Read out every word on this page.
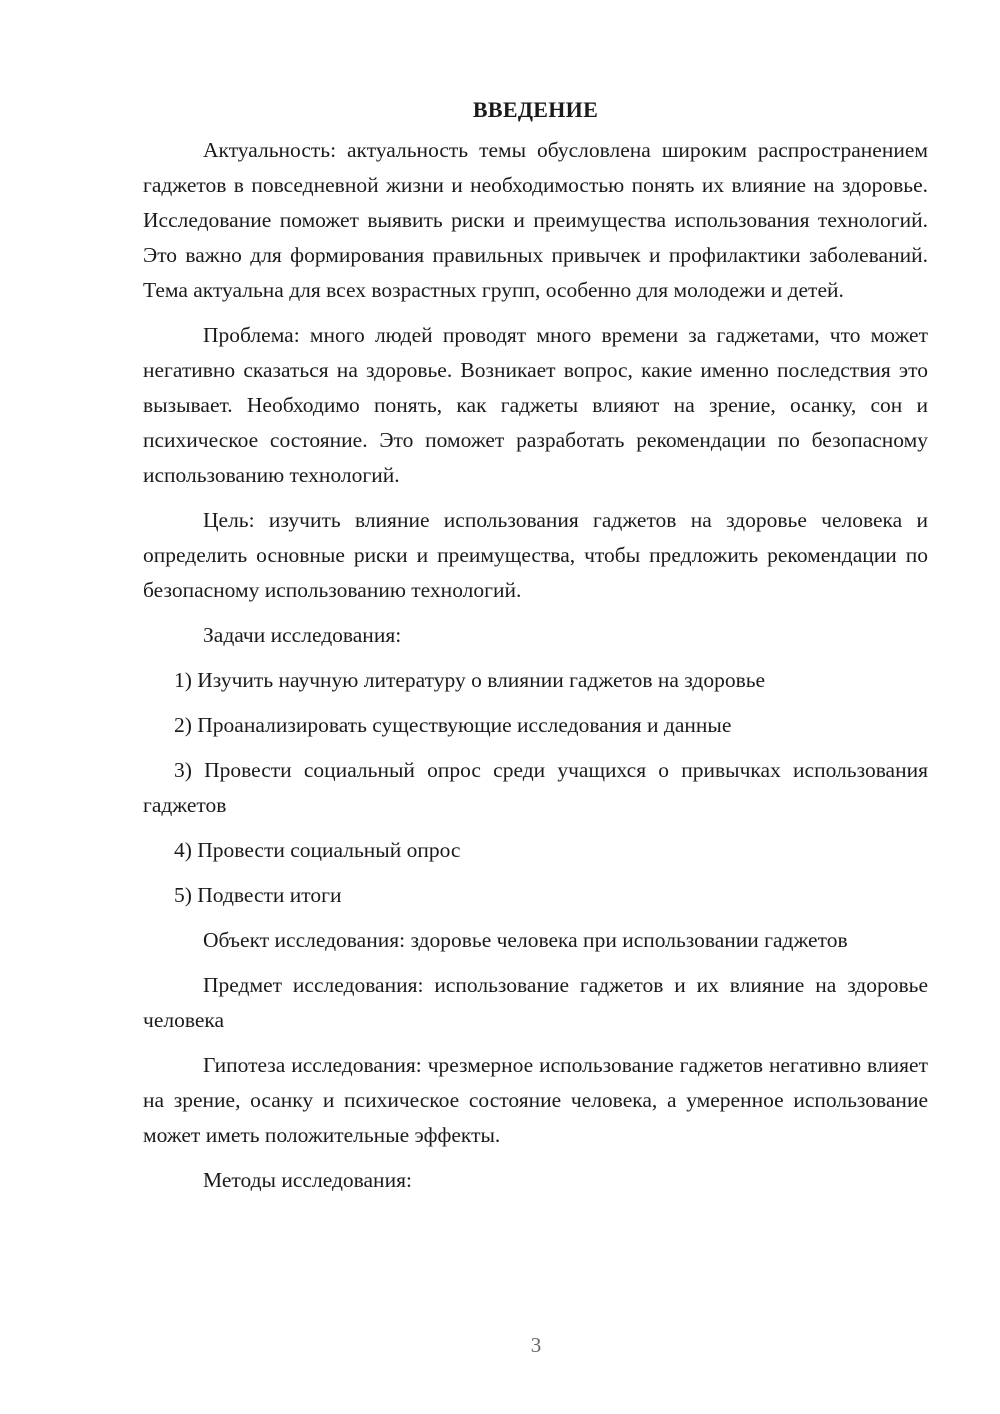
ВВЕДЕНИЕ

Актуальность: актуальность темы обусловлена широким распространением гаджетов в повседневной жизни и необходимостью понять их влияние на здоровье. Исследование поможет выявить риски и преимущества использования технологий. Это важно для формирования правильных привычек и профилактики заболеваний. Тема актуальна для всех возрастных групп, особенно для молодежи и детей.

Проблема: много людей проводят много времени за гаджетами, что может негативно сказаться на здоровье. Возникает вопрос, какие именно последствия это вызывает. Необходимо понять, как гаджеты влияют на зрение, осанку, сон и психическое состояние. Это поможет разработать рекомендации по безопасному использованию технологий.

Цель: изучить влияние использования гаджетов на здоровье человека и определить основные риски и преимущества, чтобы предложить рекомендации по безопасному использованию технологий.

Задачи исследования:

1) Изучить научную литературу о влиянии гаджетов на здоровье

2) Проанализировать существующие исследования и данные

3) Провести социальный опрос среди учащихся о привычках использования гаджетов

4) Провести социальный опрос

5) Подвести итоги

Объект исследования: здоровье человека при использовании гаджетов

Предмет исследования: использование гаджетов и их влияние на здоровье человека

Гипотеза исследования: чрезмерное использование гаджетов негативно влияет на зрение, осанку и психическое состояние человека, а умеренное использование может иметь положительные эффекты.

Методы исследования:

3
